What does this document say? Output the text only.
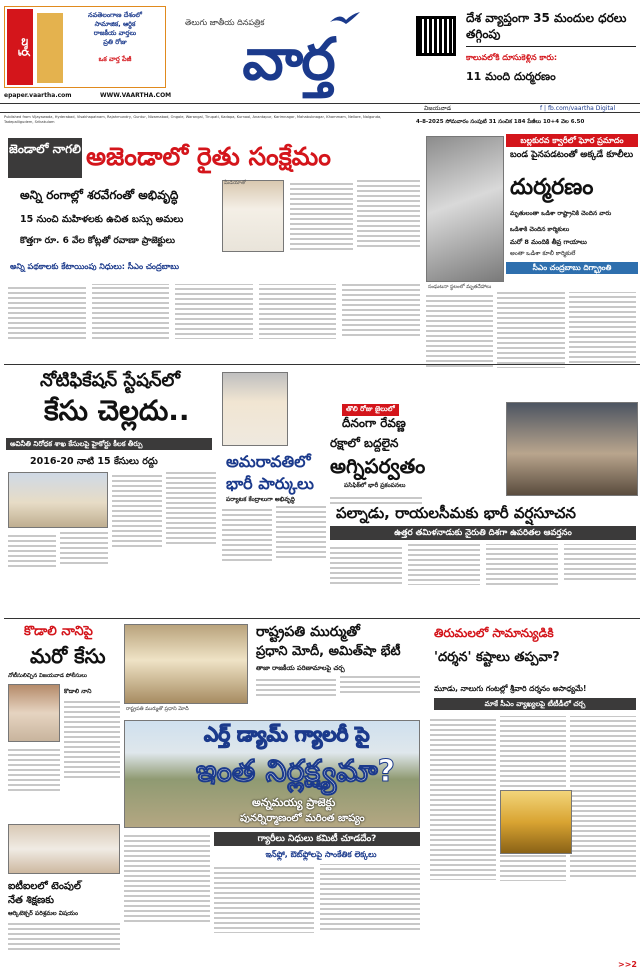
వార్త
నవతెలంగాణ దేశంలో
సామాజిక, ఆర్థిక
రాజకీయ వార్తలు
ప్రతి రోజు
ఒక వార్త పేజీ
epaper.vaartha.com	WWW.VAARTHA.COM
తెలుగు జాతీయ దినపత్రిక
వార్త
దేశ వ్యాప్తంగా 35 మందుల ధరలు తగ్గింపు
కాలువలోకి దూసుకెళ్లిన కారు:
11 మంది దుర్మరణం
విజయవాడ	f | fb.com/vaartha Digital
Published from Vijayawada, Hyderabad, Visakhapatnam, Rajahmundry, Guntur, Nizamabad, Ongole, Warangal, Tirupati, Kadapa, Kurnool, Anantapur, Karimnagar, Mahabubnagar, Khammam, Nellore, Nalgonda, Tadepalligudem, Srikakulam	4-8-2025 సోమవారం సంపుటి 31 సంచిక 184 పేజీలు 10+4 వెల 6.50
జెండాలో నాగలి అజెండాలో రైతు సంక్షేమం
అన్ని రంగాల్లో శరవేగంతో అభివృద్ధి
15 నుంచి మహిళలకు ఉచిత బస్సు అమలు
కొత్తగా రూ. 6 వేల కోట్లతో రవాణా ప్రాజెక్టులు
అన్ని పథకాలకు కేటాయింపు నిధులు: సీఎం చంద్రబాబు
మీడియాతో
బల్లకురవ క్వారీలో ఘోర ప్రమాదం
బండ పైనపడటంతో అక్కడే కూలీలు
దుర్మరణం
మృతులంతా ఒడిశా రాష్ట్రానికి చెందిన వారు
ఒడిశాకి చెందిన కార్మికులు
మరో 8 మందికి తీవ్ర గాయాలు
అంతా ఒడిశా కూలీ కార్మికులే
సీఎం చంద్రబాబు దిగ్భ్రాంతి
సంఘటనా స్థలంలో మృతదేహాలు
నోటిఫికేషన్ స్టేషన్‌లో
కేసు చెల్లదు..
అవినీతి నిరోధక శాఖ కేసులపై హైకోర్టు కీలక తీర్పు
2016-20 నాటి 15 కేసులు రద్దు	అమరావతిలో
భారీ పార్కులు
పర్యాటక కేంద్రాలుగా అభివృద్ధి
తొలి రోజు జైలులో
దీనంగా రేవణ్ణ
రక్షాలో బద్దలైన
అగ్నిపర్వతం
పసిఫిక్‌లో భారీ ప్రకంపనలు
పల్నాడు, రాయలసీమకు భారీ వర్షసూచన
ఉత్తర తమిళనాడుకు నైరుతి దిశగా ఉపరితల ఆవర్తనం
కొడాలి నానిపై
మరో కేసు
నోటీసులిచ్చిన విజయవాడ పోలీసులు
కొడాలి నాని
ఐటీఐలలో టెంపుల్
నేత శిక్షణకు
ఆర్కిటెక్చర్ పరిశ్రమల విషయం
రాష్ట్రపతి ముర్ముతో ప్రధాని మోదీ
రాష్ట్రపతి ముర్ముతో
ప్రధాని మోదీ, అమిత్‌షా భేటీ
తాజా రాజకీయ పరిణామాలపై చర్చ
ఎర్త్ డ్యామ్ గ్యాలరీ పై
ఇంత నిర్లక్ష్యమా?
అన్నమయ్య ప్రాజెక్టు
పునర్నిర్మాణంలో మరింత జాప్యం
గ్యారీలు నిధులు కమిటీ చూడదేం?
ఇన్‌ఫ్లో, ఔట్‌ఫ్లోలపై సాంకేతిక లెక్కలు
తిరుమలలో సామాన్యుడికి
'దర్శన' కష్టాలు తప్పవా?
మూడు, నాలుగు గంటల్లో శ్రీవారి దర్శనం అసాధ్యమే!
మాకే సీఎం వ్యాఖ్యలపై టీటీడీలో చర్చ
>>2
